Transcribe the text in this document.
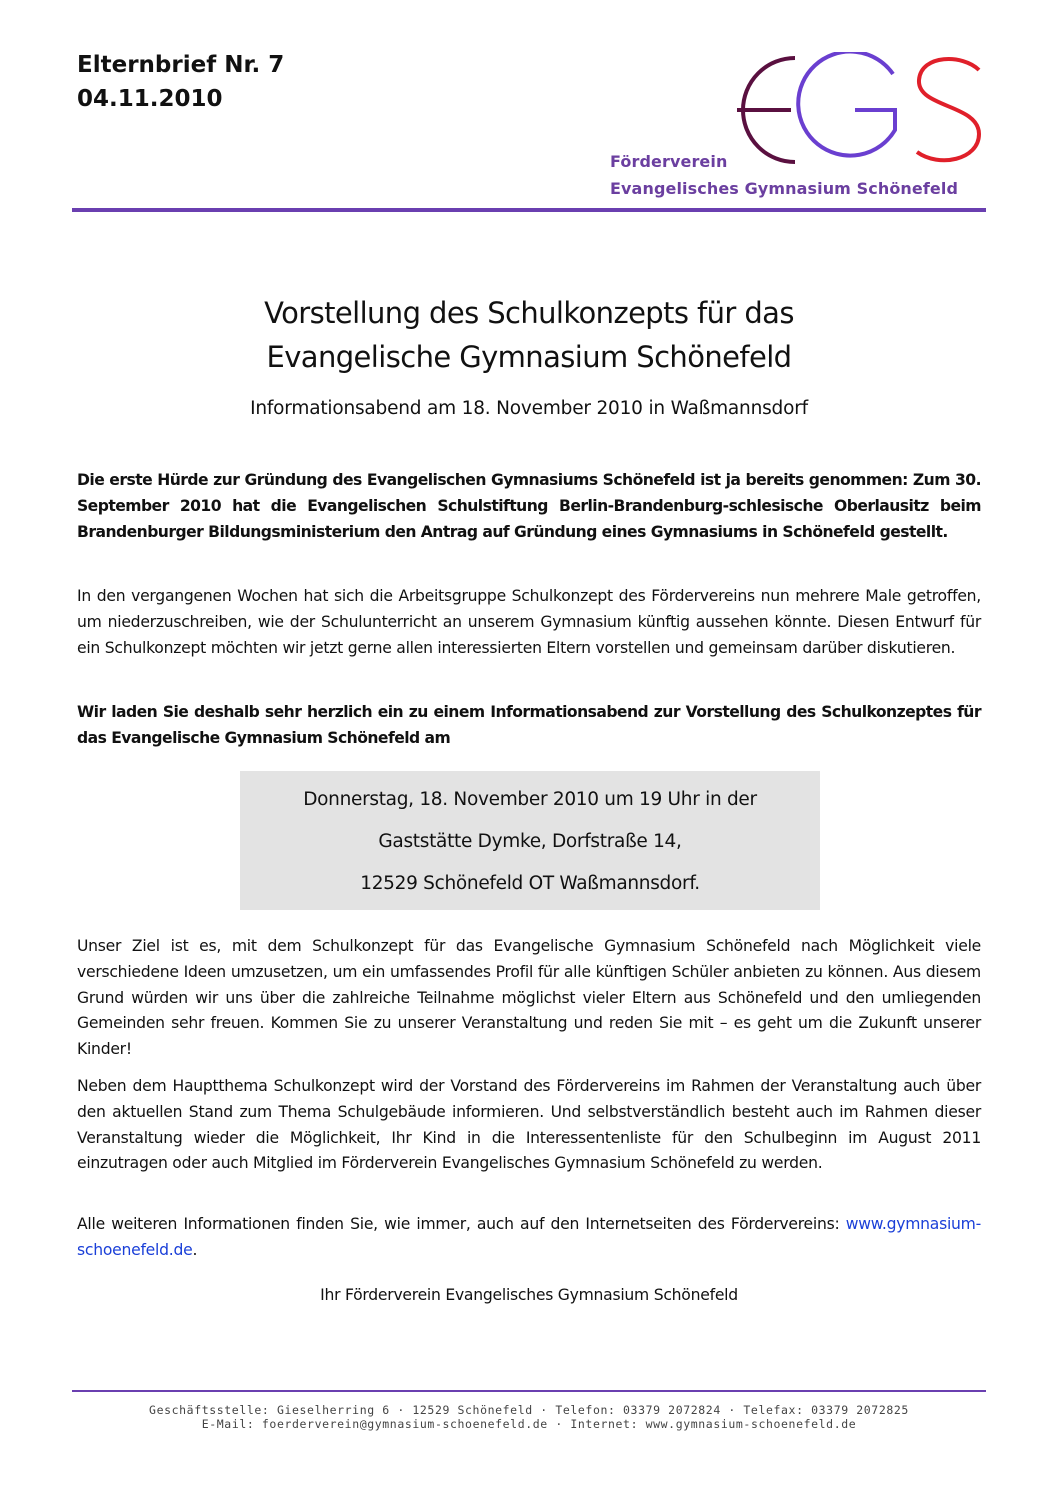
Elternbrief Nr. 7
04.11.2010
EGS
Förderverein
Evangelisches Gymnasium Schönefeld
Vorstellung des Schulkonzepts für das
Evangelische Gymnasium Schönefeld
Informationsabend am 18. November 2010 in Waßmannsdorf

Die erste Hürde zur Gründung des Evangelischen Gymnasiums Schönefeld ist ja bereits genommen: Zum 30. September 2010 hat die Evangelischen Schulstiftung Berlin-Brandenburg-schlesische Oberlausitz beim Brandenburger Bildungsministerium den Antrag auf Gründung eines Gymnasiums in Schönefeld gestellt.

In den vergangenen Wochen hat sich die Arbeitsgruppe Schulkonzept des Fördervereins nun mehrere Male getroffen, um niederzuschreiben, wie der Schulunterricht an unserem Gymnasium künftig aussehen könnte. Diesen Entwurf für ein Schulkonzept möchten wir jetzt gerne allen interessierten Eltern vorstellen und gemeinsam darüber diskutieren.

Wir laden Sie deshalb sehr herzlich ein zu einem Informationsabend zur Vorstellung des Schulkonzeptes für das Evangelische Gymnasium Schönefeld am

Donnerstag, 18. November 2010 um 19 Uhr in der
Gaststätte Dymke, Dorfstraße 14,
12529 Schönefeld OT Waßmannsdorf.

Unser Ziel ist es, mit dem Schulkonzept für das Evangelische Gymnasium Schönefeld nach Möglichkeit viele verschiedene Ideen umzusetzen, um ein umfassendes Profil für alle künftigen Schüler anbieten zu können. Aus diesem Grund würden wir uns über die zahlreiche Teilnahme möglichst vieler Eltern aus Schönefeld und den umliegenden Gemeinden sehr freuen. Kommen Sie zu unserer Veranstaltung und reden Sie mit – es geht um die Zukunft unserer Kinder!

Neben dem Hauptthema Schulkonzept wird der Vorstand des Fördervereins im Rahmen der Veranstaltung auch über den aktuellen Stand zum Thema Schulgebäude informieren. Und selbstverständlich besteht auch im Rahmen dieser Veranstaltung wieder die Möglichkeit, Ihr Kind in die Interessentenliste für den Schulbeginn im August 2011 einzutragen oder auch Mitglied im Förderverein Evangelisches Gymnasium Schönefeld zu werden.

Alle weiteren Informationen finden Sie, wie immer, auch auf den Internetseiten des Fördervereins: www.gymnasium-schoenefeld.de.

Ihr Förderverein Evangelisches Gymnasium Schönefeld
Geschäftsstelle: Gieselherring 6 · 12529 Schönefeld · Telefon: 03379 2072824 · Telefax: 03379 2072825
E-Mail: foerderverein@gymnasium-schoenefeld.de · Internet: www.gymnasium-schoenefeld.de
